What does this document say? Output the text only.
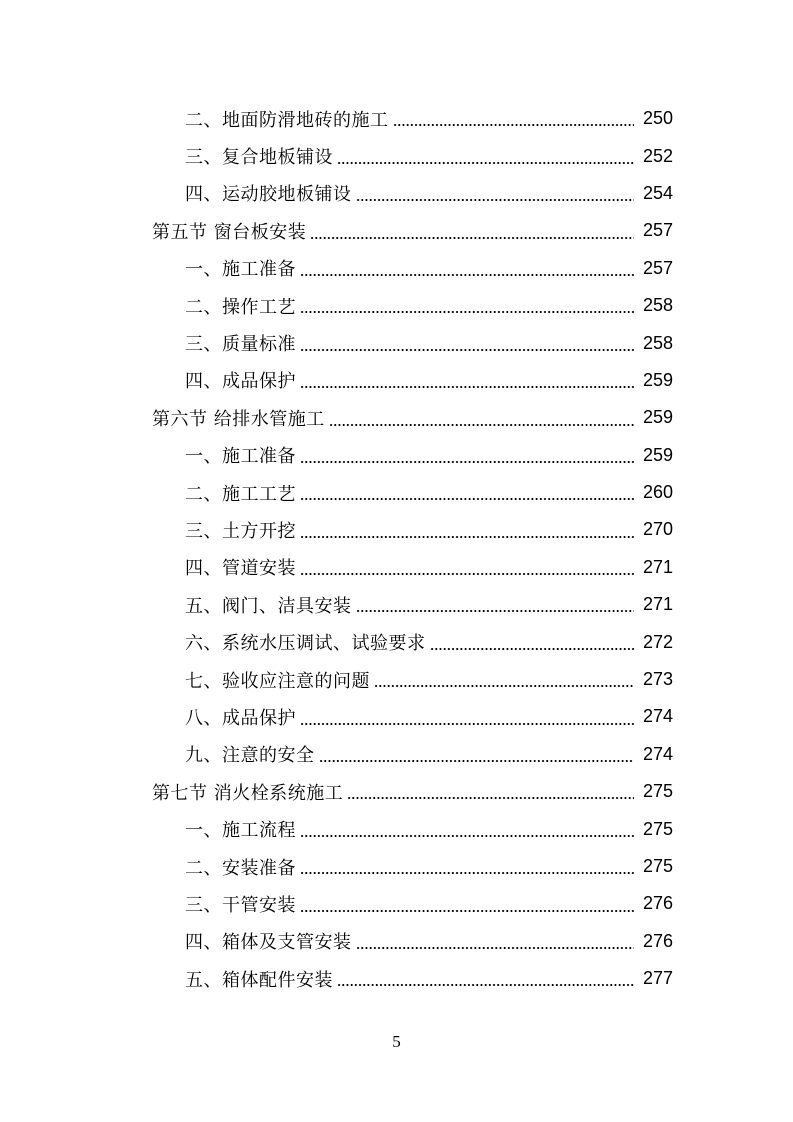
二、地面防滑地砖的施工	250
三、复合地板铺设	252
四、运动胶地板铺设	254
第五节 窗台板安装	257
一、施工准备	257
二、操作工艺	258
三、质量标准	258
四、成品保护	259
第六节 给排水管施工	259
一、施工准备	259
二、施工工艺	260
三、土方开挖	270
四、管道安装	271
五、阀门、洁具安装	271
六、系统水压调试、试验要求	272
七、验收应注意的问题	273
八、成品保护	274
九、注意的安全	274
第七节 消火栓系统施工	275
一、施工流程	275
二、安装准备	275
三、干管安装	276
四、箱体及支管安装	276
五、箱体配件安装	277
5
